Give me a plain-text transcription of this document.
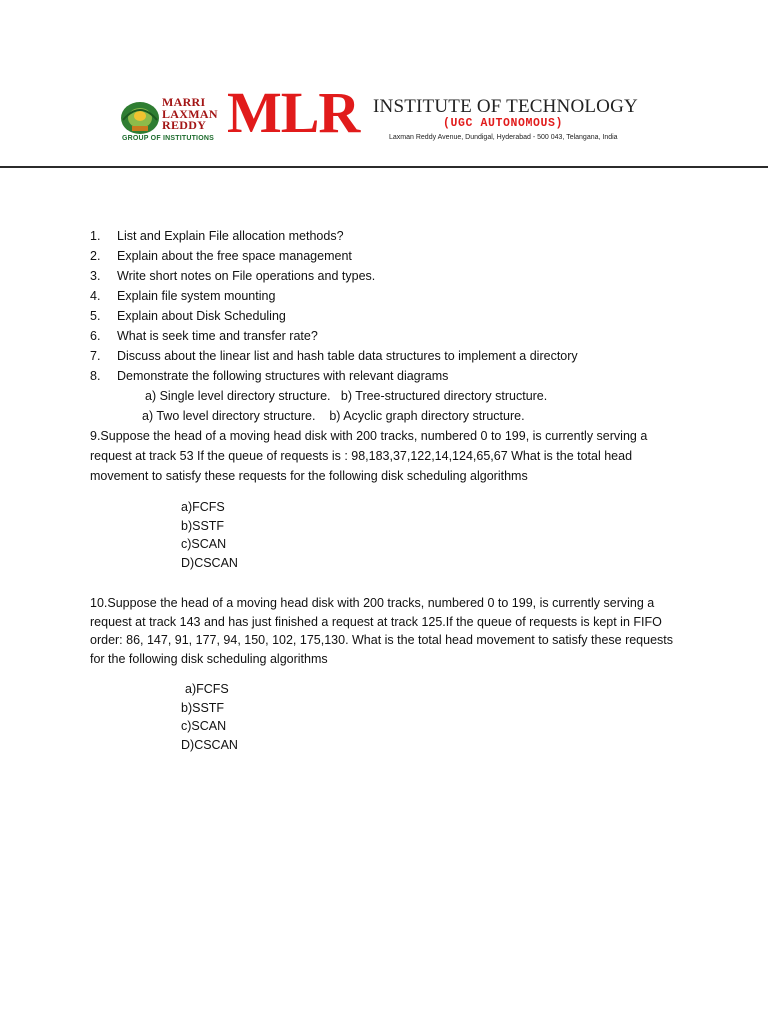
MARRI
LAXMAN
REDDY
GROUP OF INSTITUTIONS MLR INSTITUTE OF TECHNOLOGY
(UGC AUTONOMOUS)
Laxman Reddy Avenue, Dundigal, Hyderabad - 500 043, Telangana, India
1.	List and Explain File allocation methods?
2.	Explain about the free space management
3.	Write short notes on File operations and types.
4.	Explain file system mounting
5.	Explain about Disk Scheduling
6.	What is seek time and transfer rate?
7.	Discuss about the linear list and hash table data structures to implement a directory
8.	Demonstrate the following structures with relevant diagrams
a) Single level directory structure.   b) Tree-structured directory structure.
a) Two level directory structure.    b) Acyclic graph directory structure.

9.Suppose the head of a moving head disk with 200 tracks, numbered 0 to 199, is currently serving a request at track 53 If the queue of requests is : 98,183,37,122,14,124,65,67 What is the total head movement to satisfy these requests for the following disk scheduling algorithms

a)FCFS
b)SSTF
c)SCAN
D)CSCAN

10.Suppose the head of a moving head disk with 200 tracks, numbered 0 to 199, is currently serving a request at track 143 and has just finished a request at track 125.If the queue of requests is kept in FIFO order: 86, 147, 91, 177, 94, 150, 102, 175,130. What is the total head movement to satisfy these requests for the following disk scheduling algorithms

a)FCFS
b)SSTF
c)SCAN
D)CSCAN
